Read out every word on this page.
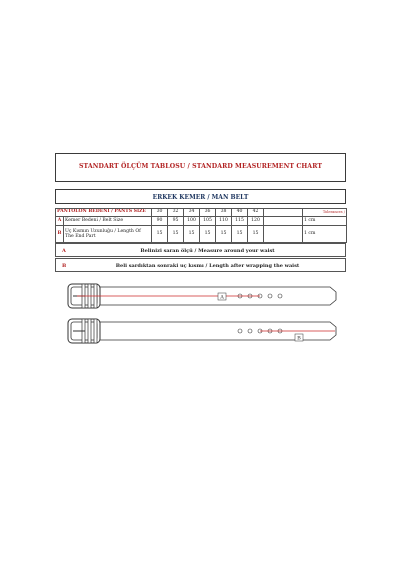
STANDART ÖLÇÜM TABLOSU / STANDARD MEASUREMENT CHART
ERKEK KEMER / MAN BELT
PANTOLON BEDENİ / PANTS SIZE		30	32	34	36	38	40	42		Tolerances /
A	Kemer Bedeni / Belt Size	90	95	100	105	110	115	120		1 cm
B	Uç Kısmın Uzunluğu / Length Of The End Part	15	15	15	15	15	15	15		1 cm
A	Belinizi saran ölçü / Measure around your waist
B	Beli sardıktan sonraki uç kısmı / Length after wrapping the waist
A
B
